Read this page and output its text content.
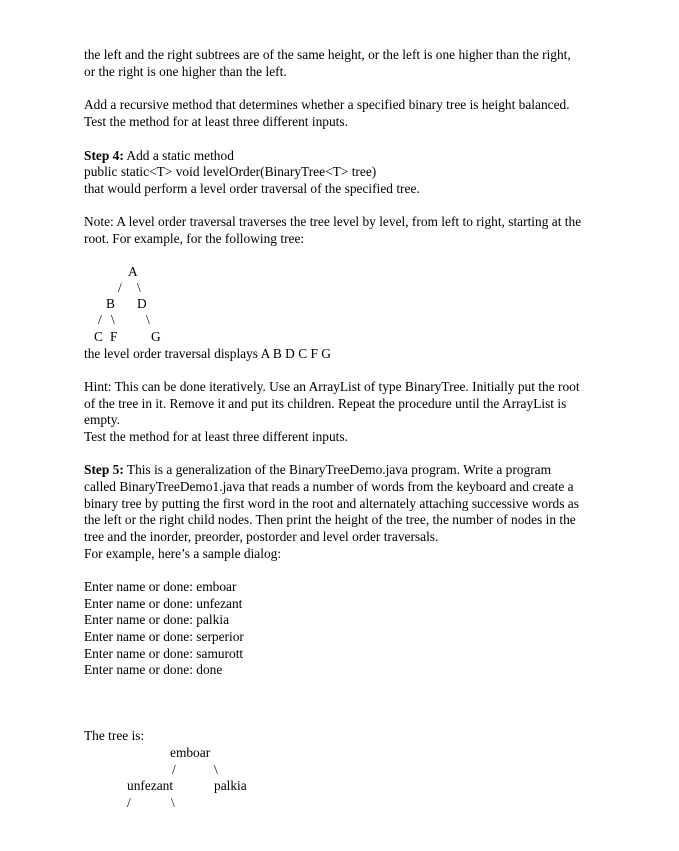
the left and the right subtrees are of the same height, or the left is one higher than the right,
or the right is one higher than the left.
Add a recursive method that determines whether a specified binary tree is height balanced.
Test the method for at least three different inputs.
Step 4: Add a static method
public static<T> void levelOrder(BinaryTree<T> tree)
that would perform a level order traversal of the specified tree.
Note: A level order traversal traverses the tree level by level, from left to right, starting at the
root. For example, for the following tree:
A
/ \
B D
/ \ \
C F	G
the level order traversal displays A B D C F G
Hint: This can be done iteratively. Use an ArrayList of type BinaryTree. Initially put the root
of the tree in it. Remove it and put its children. Repeat the procedure until the ArrayList is
empty.
Test the method for at least three different inputs.
Step 5: This is a generalization of the BinaryTreeDemo.java program. Write a program
called BinaryTreeDemo1.java that reads a number of words from the keyboard and create a
binary tree by putting the first word in the root and alternately attaching successive words as
the left or the right child nodes. Then print the height of the tree, the number of nodes in the
tree and the inorder, preorder, postorder and level order traversals.
For example, here’s a sample dialog:
Enter name or done: emboar
Enter name or done: unfezant
Enter name or done: palkia
Enter name or done: serperior
Enter name or done: samurott
Enter name or done: done
The tree is:
emboar
/	\
unfezant	palkia
/	\
